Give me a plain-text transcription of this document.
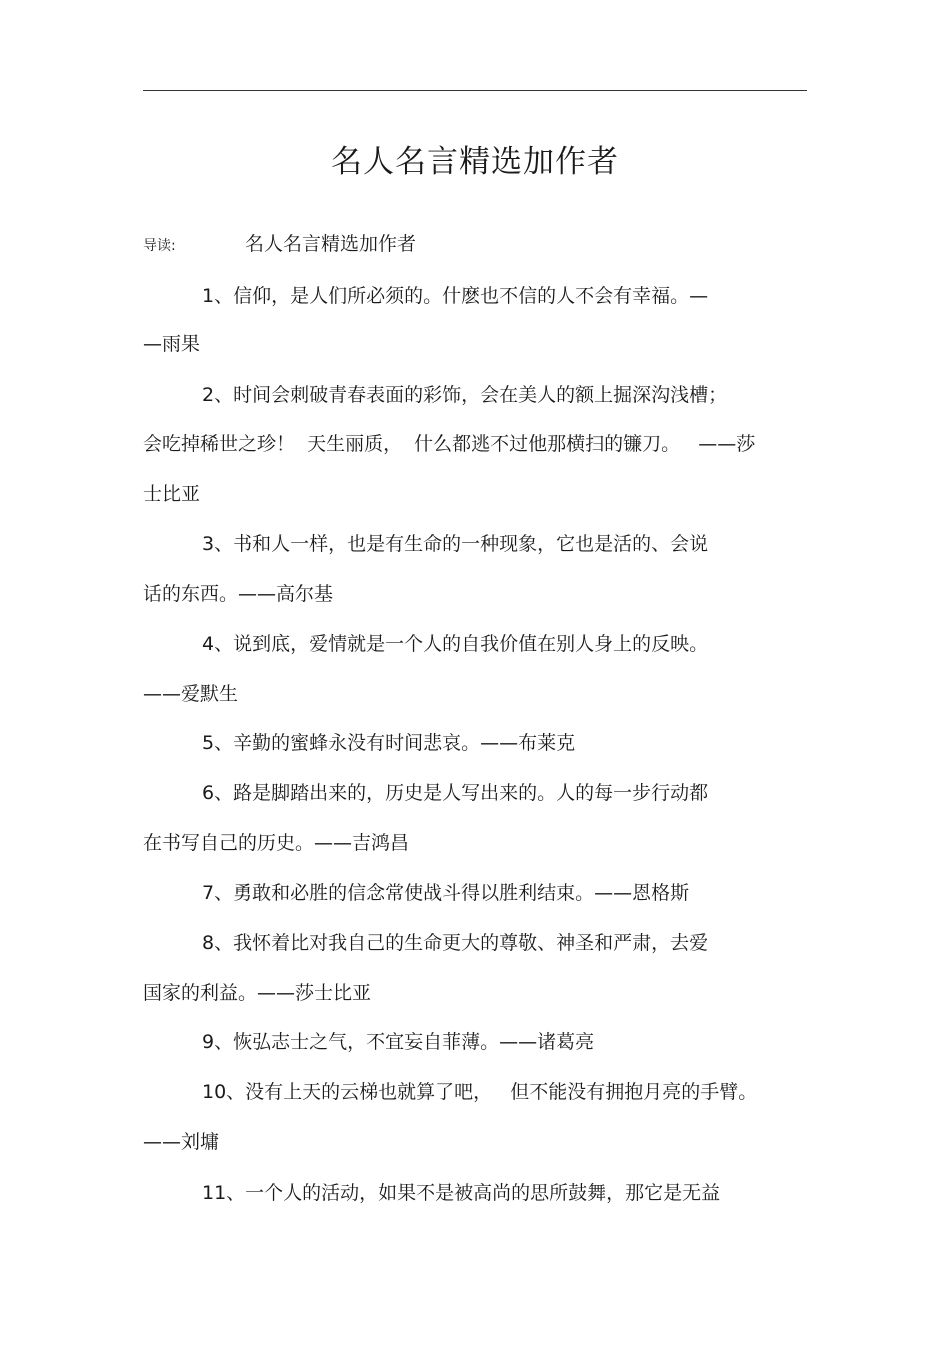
名人名言精选加作者
导读:	名人名言精选加作者
1、信仰，是人们所必须的。什麽也不信的人不会有幸福。—
—雨果
2、时间会刺破青春表面的彩饰，会在美人的额上掘深沟浅槽；
会吃掉稀世之珍！  天生丽质，  什么都逃不过他那横扫的镰刀。   ——莎
士比亚
3、书和人一样，也是有生命的一种现象，它也是活的、会说
话的东西。——高尔基
4、说到底，爱情就是一个人的自我价值在别人身上的反映。
——爱默生
5、辛勤的蜜蜂永没有时间悲哀。——布莱克
6、路是脚踏出来的，历史是人写出来的。人的每一步行动都
在书写自己的历史。——吉鸿昌
7、勇敢和必胜的信念常使战斗得以胜利结束。——恩格斯
8、我怀着比对我自己的生命更大的尊敬、神圣和严肃，去爱
国家的利益。——莎士比亚
9、恢弘志士之气，不宜妄自菲薄。——诸葛亮
10、没有上天的云梯也就算了吧，   但不能没有拥抱月亮的手臂。
——刘墉
11、一个人的活动，如果不是被高尚的思所鼓舞，那它是无益
